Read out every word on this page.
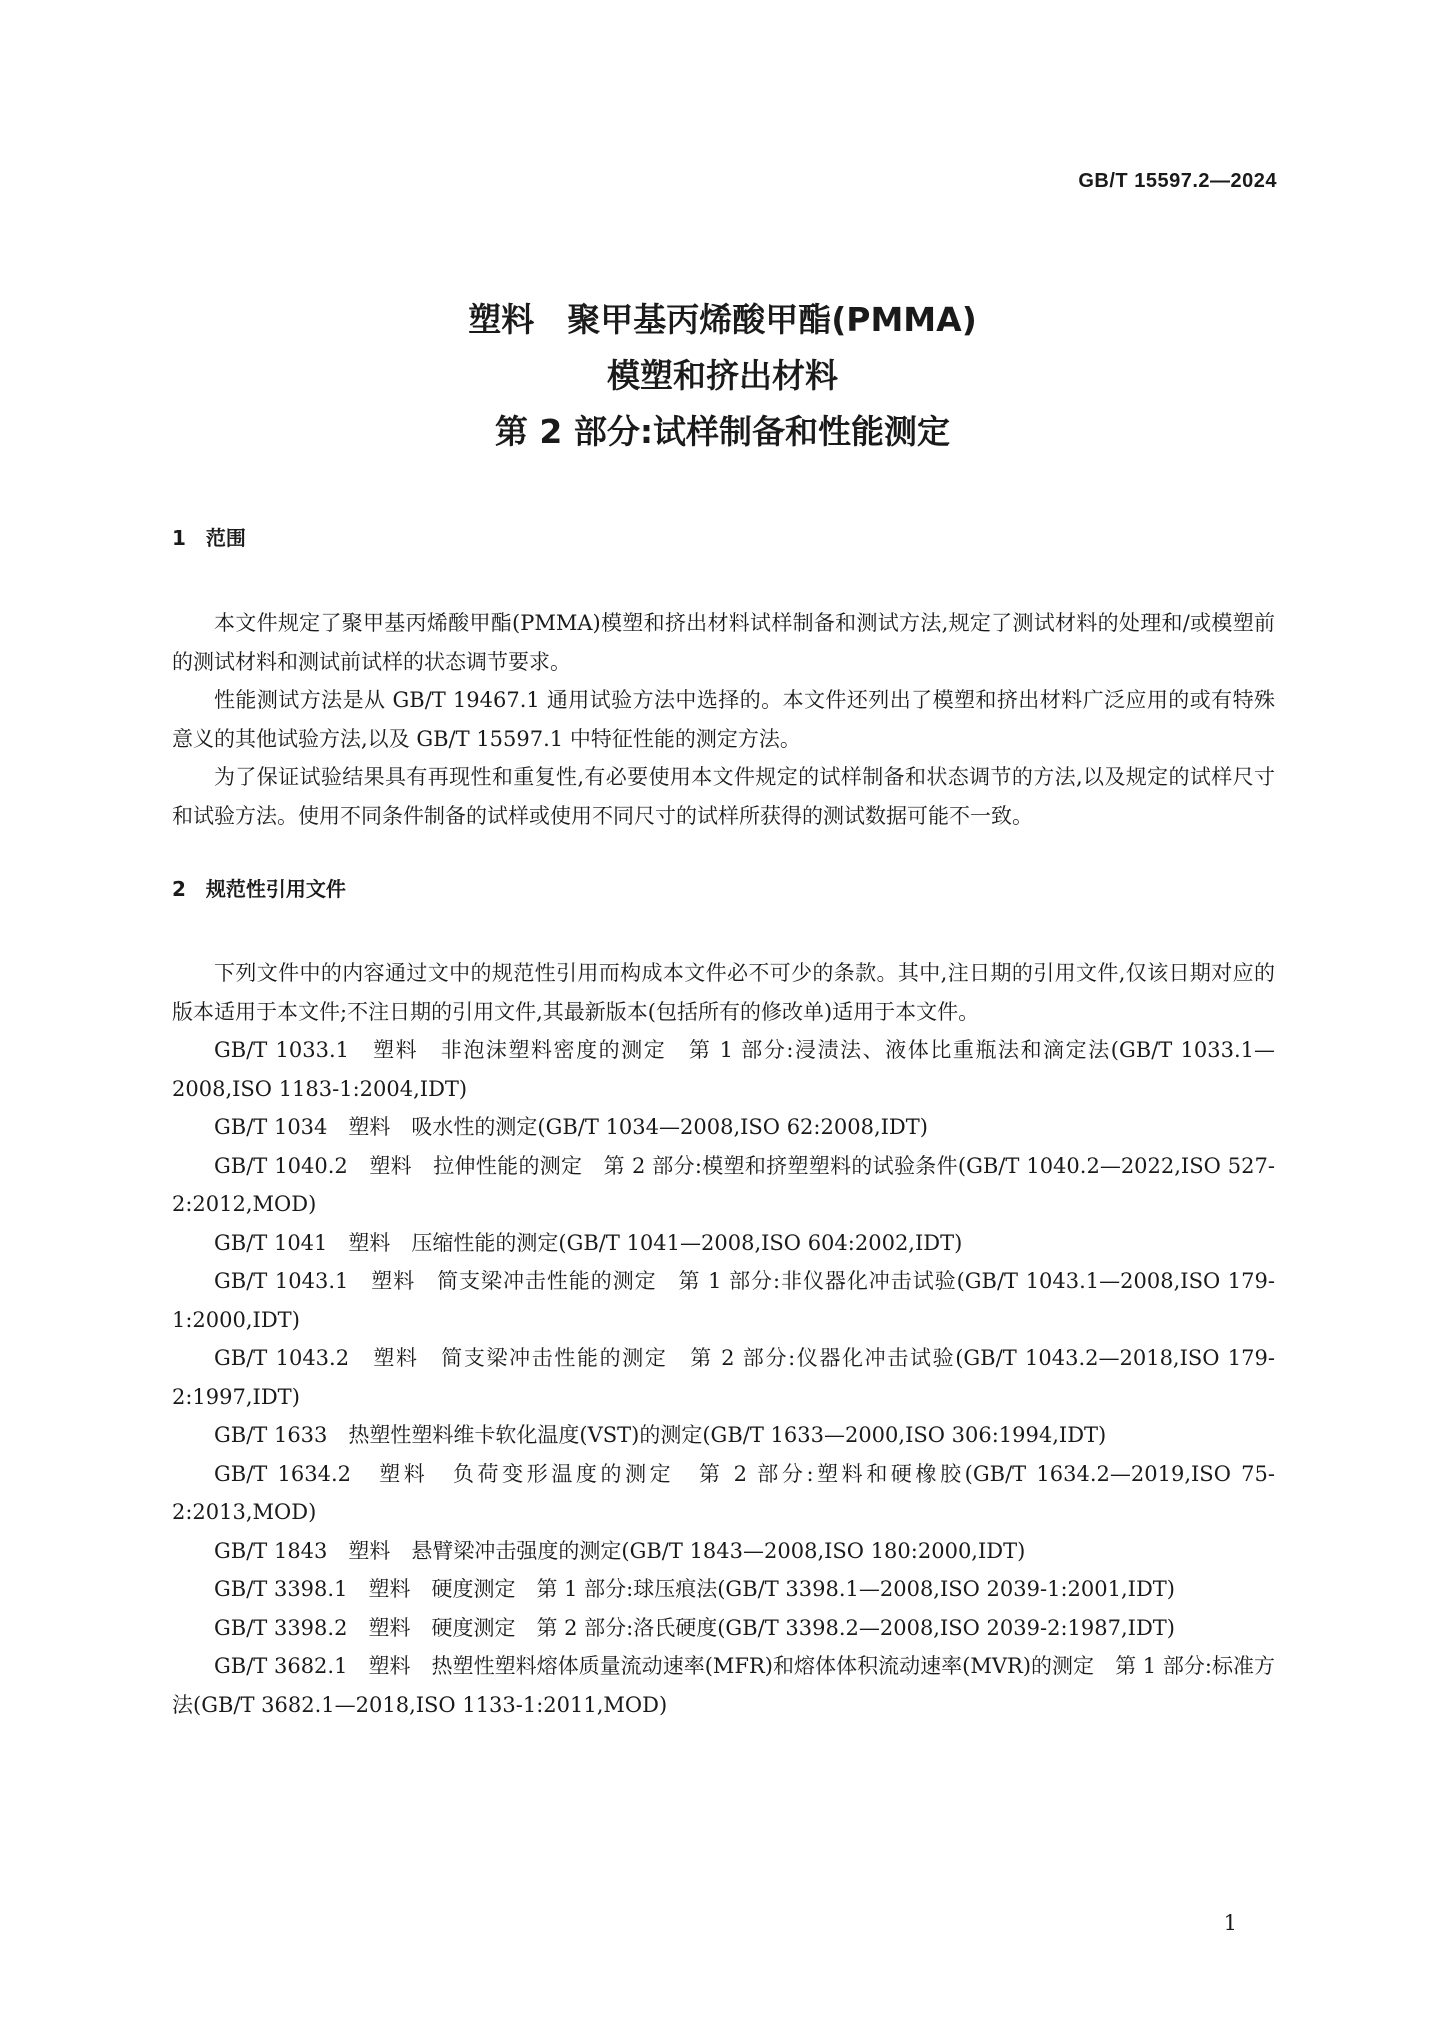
GB/T 15597.2—2024
塑料　聚甲基丙烯酸甲酯(PMMA)
模塑和挤出材料
第 2 部分:试样制备和性能测定
1　范围

本文件规定了聚甲基丙烯酸甲酯(PMMA)模塑和挤出材料试样制备和测试方法,规定了测试材料的处理和/或模塑前的测试材料和测试前试样的状态调节要求。

性能测试方法是从 GB/T 19467.1 通用试验方法中选择的。本文件还列出了模塑和挤出材料广泛应用的或有特殊意义的其他试验方法,以及 GB/T 15597.1 中特征性能的测定方法。

为了保证试验结果具有再现性和重复性,有必要使用本文件规定的试样制备和状态调节的方法,以及规定的试样尺寸和试验方法。使用不同条件制备的试样或使用不同尺寸的试样所获得的测试数据可能不一致。

2　规范性引用文件

下列文件中的内容通过文中的规范性引用而构成本文件必不可少的条款。其中,注日期的引用文件,仅该日期对应的版本适用于本文件;不注日期的引用文件,其最新版本(包括所有的修改单)适用于本文件。

GB/T 1033.1　塑料　非泡沫塑料密度的测定　第 1 部分:浸渍法、液体比重瓶法和滴定法(GB/T 1033.1—2008,ISO 1183-1:2004,IDT)

GB/T 1034　塑料　吸水性的测定(GB/T 1034—2008,ISO 62:2008,IDT)

GB/T 1040.2　塑料　拉伸性能的测定　第 2 部分:模塑和挤塑塑料的试验条件(GB/T 1040.2—2022,ISO 527-2:2012,MOD)

GB/T 1041　塑料　压缩性能的测定(GB/T 1041—2008,ISO 604:2002,IDT)

GB/T 1043.1　塑料　简支梁冲击性能的测定　第 1 部分:非仪器化冲击试验(GB/T 1043.1—2008,ISO 179-1:2000,IDT)

GB/T 1043.2　塑料　简支梁冲击性能的测定　第 2 部分:仪器化冲击试验(GB/T 1043.2—2018,ISO 179-2:1997,IDT)

GB/T 1633　热塑性塑料维卡软化温度(VST)的测定(GB/T 1633—2000,ISO 306:1994,IDT)

GB/T 1634.2　塑料　负荷变形温度的测定　第 2 部分:塑料和硬橡胶(GB/T 1634.2—2019,ISO 75-2:2013,MOD)

GB/T 1843　塑料　悬臂梁冲击强度的测定(GB/T 1843—2008,ISO 180:2000,IDT)

GB/T 3398.1　塑料　硬度测定　第 1 部分:球压痕法(GB/T 3398.1—2008,ISO 2039-1:2001,IDT)

GB/T 3398.2　塑料　硬度测定　第 2 部分:洛氏硬度(GB/T 3398.2—2008,ISO 2039-2:1987,IDT)

GB/T 3682.1　塑料　热塑性塑料熔体质量流动速率(MFR)和熔体体积流动速率(MVR)的测定　第 1 部分:标准方法(GB/T 3682.1—2018,ISO 1133-1:2011,MOD)

1
